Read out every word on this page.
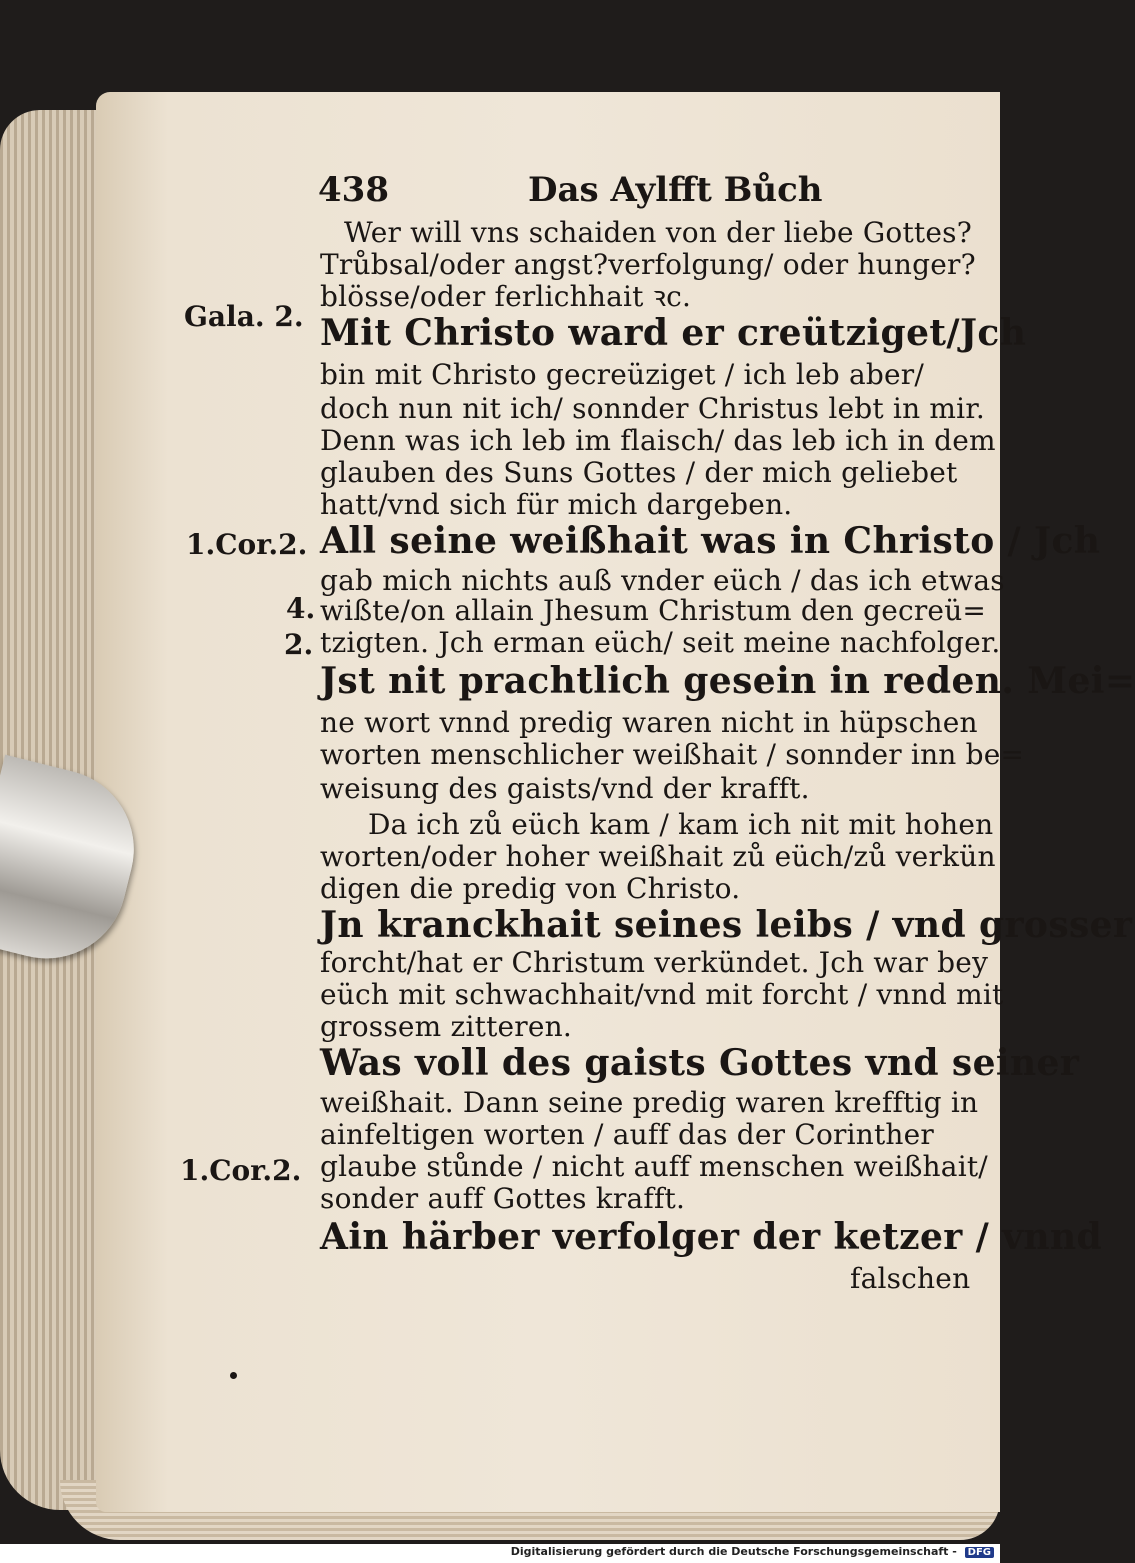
438	Das Aylfft Bůch
Gala. 2.
1.Cor.2.
4.
2.
1.Cor.2.
Wer will vns schaiden von der liebe Gottes?
Trůbsal/oder angst?verfolgung/ oder hunger?
blösse/oder ferlichhait ꝛc.
Mit Christo ward er creütziget/Jch
bin mit Christo gecreüziget / ich leb aber/
doch nun nit ich/ sonnder Christus lebt in mir.
Denn was ich leb im flaisch/ das leb ich in dem
glauben des Suns Gottes / der mich geliebet
hatt/vnd sich für mich dargeben.
All seine weißhait was in Christo / Jch
gab mich nichts auß vnder eüch / das ich etwas
wißte/on allain Jhesum Christum den gecreü=
tzigten. Jch erman eüch/ seit meine nachfolger.
Jst nit prachtlich gesein in reden. Mei=
ne wort vnnd predig waren nicht in hüpschen
worten menschlicher weißhait / sonnder inn be=
weisung des gaists/vnd der krafft.
Da ich zů eüch kam / kam ich nit mit hohen
worten/oder hoher weißhait zů eüch/zů verkün
digen die predig von Christo.
Jn kranckhait seines leibs / vnd grosser
forcht/hat er Christum verkündet. Jch war bey
eüch mit schwachhait/vnd mit forcht / vnnd mit
grossem zitteren.
Was voll des gaists Gottes vnd seiner
weißhait. Dann seine predig waren krefftig in
ainfeltigen worten / auff das der Corinther
glaube stůnde / nicht auff menschen weißhait/
sonder auff Gottes krafft.
Ain härber verfolger der ketzer / vnnd
falschen
Digitalisierung gefördert durch die Deutsche Forschungsgemeinschaft - DFG
